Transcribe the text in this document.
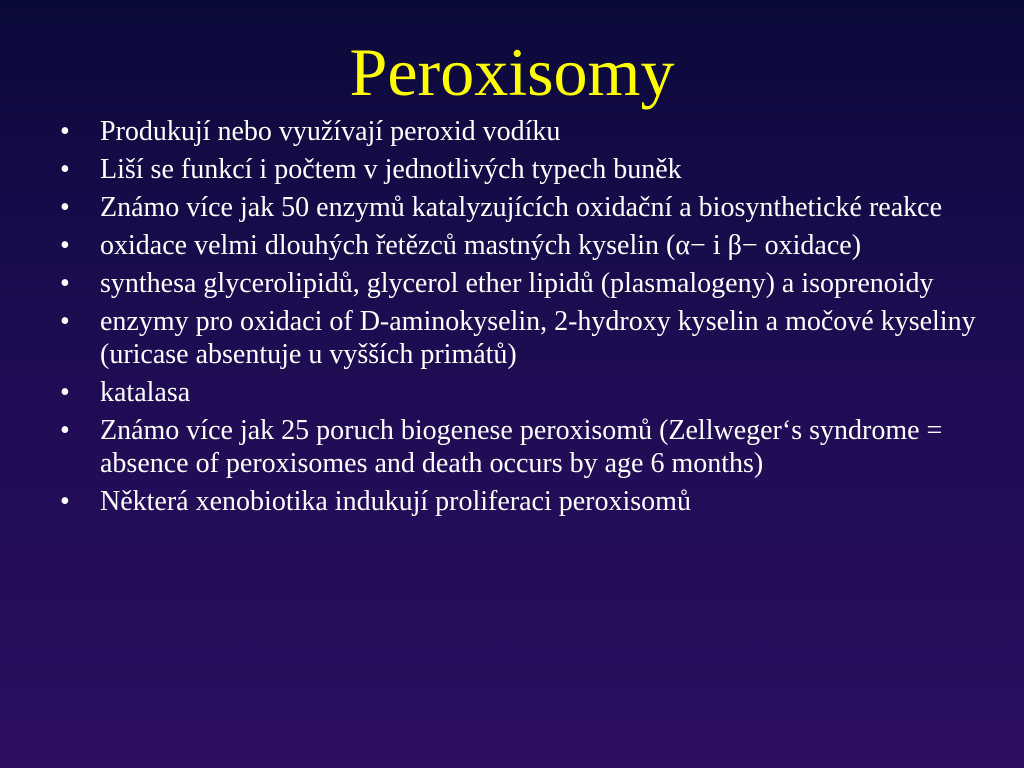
Peroxisomy
• Produkují nebo využívají peroxid vodíku
• Liší se funkcí i počtem v jednotlivých typech buněk
• Známo více jak 50 enzymů katalyzujících oxidační a biosynthetické reakce
• oxidace velmi dlouhých řetězců mastných kyselin (α− i β− oxidace)
• synthesa glycerolipidů, glycerol ether lipidů (plasmalogeny) a isoprenoidy
• enzymy pro oxidaci of D-aminokyselin, 2-hydroxy kyselin a močové kyseliny (uricase absentuje u vyšších primátů)
• katalasa
• Známo více jak 25 poruch biogenese peroxisomů (Zellweger‘s syndrome = absence of peroxisomes and death occurs by age 6 months)
• Některá xenobiotika indukují proliferaci peroxisomů
